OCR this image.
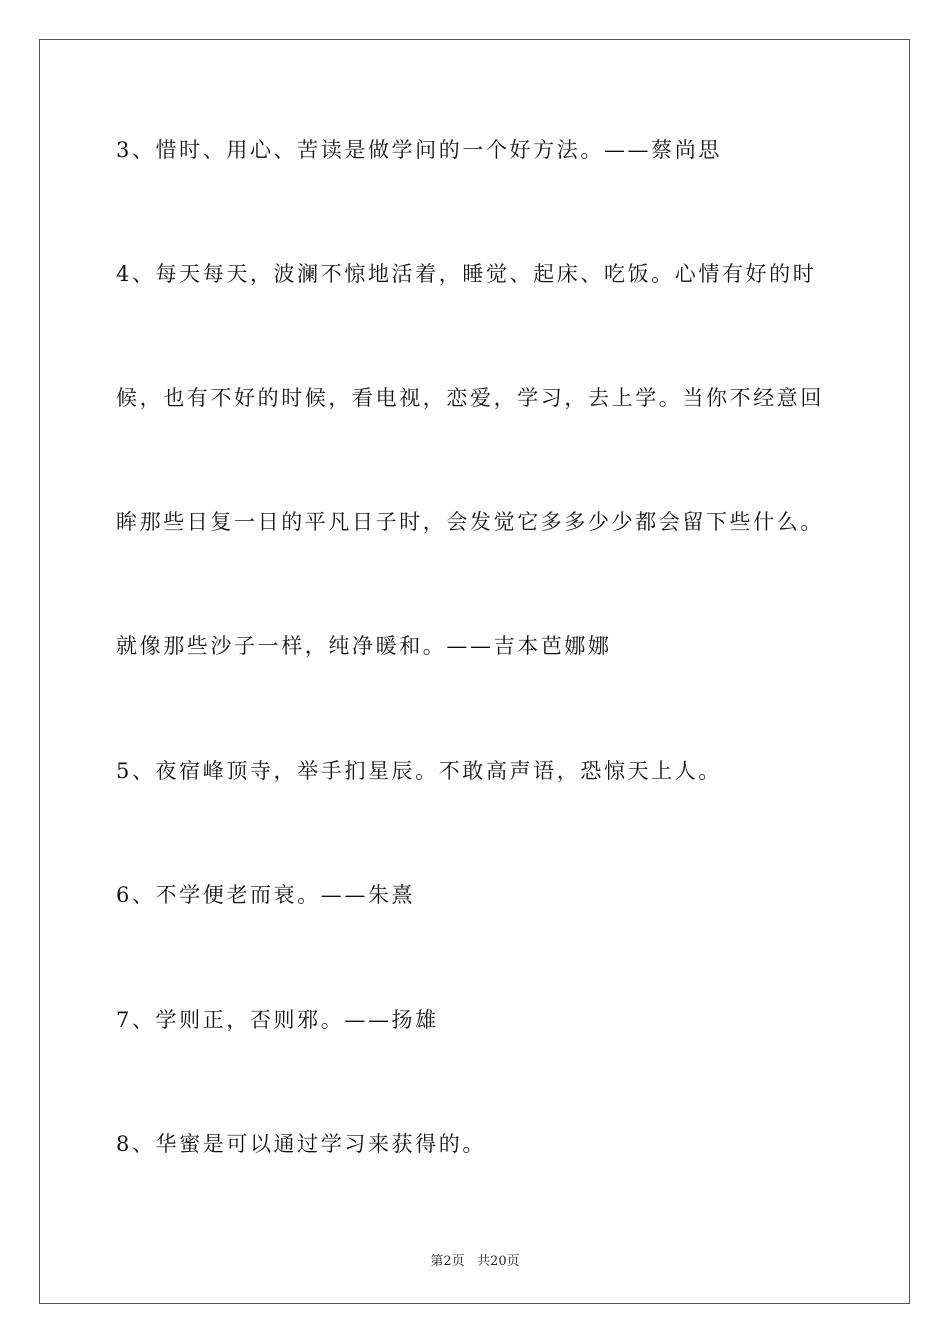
3、惜时、用心、苦读是做学问的一个好方法。——蔡尚思
4、每天每天，波澜不惊地活着，睡觉、起床、吃饭。心情有好的时
候，也有不好的时候，看电视，恋爱，学习，去上学。当你不经意回
眸那些日复一日的平凡日子时，会发觉它多多少少都会留下些什么。
就像那些沙子一样，纯净暖和。——吉本芭娜娜
5、夜宿峰顶寺，举手扪星辰。不敢高声语，恐惊天上人。
6、不学便老而衰。——朱熹
7、学则正，否则邪。——扬雄
8、华蜜是可以通过学习来获得的。
第2页   共20页
